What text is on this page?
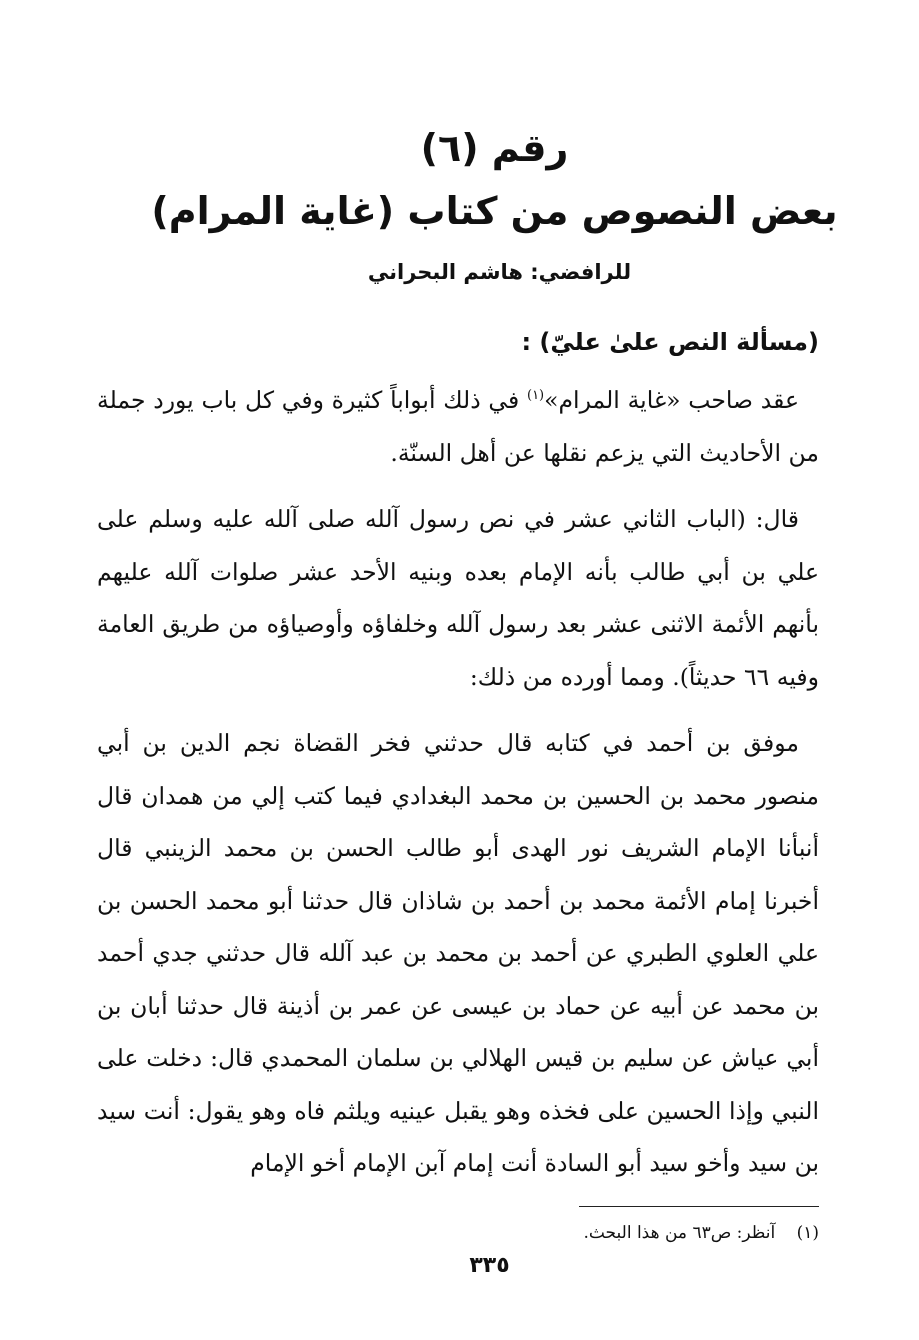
رقم (٦)
بعض النصوص من كتاب (غاية المرام)
للرافضي: هاشم البحراني
(مسألة النص علىٰ عليّ) :

عقد صاحب «غاية المرام»$^{(١)}$ في ذلك أبواباً كثيرة وفي كل باب يورد جملة من الأحاديث التي يزعم نقلها عن أهل السنّة.

قال: (الباب الثاني عشر في نص رسول آلله صلى آلله عليه وسلم على علي بن أبي طالب بأنه الإمام بعده وبنيه الأحد عشر صلوات آلله عليهم بأنهم الأئمة الاثنى عشر بعد رسول آلله وخلفاؤه وأوصياؤه من طريق العامة وفيه ٦٦ حديثاً). ومما أورده من ذلك:

موفق بن أحمد في كتابه قال حدثني فخر القضاة نجم الدين بن أبي منصور محمد بن الحسين بن محمد البغدادي فيما كتب إلي من همدان قال أنبأنا الإمام الشريف نور الهدى أبو طالب الحسن بن محمد الزينبي قال أخبرنا إمام الأئمة محمد بن أحمد بن شاذان قال حدثنا أبو محمد الحسن بن علي العلوي الطبري عن أحمد بن محمد بن عبد آلله قال حدثني جدي أحمد بن محمد عن أبيه عن حماد بن عيسى عن عمر بن أذينة قال حدثنا أبان بن أبي عياش عن سليم بن قيس الهلالي بن سلمان المحمدي قال: دخلت على النبي وإذا الحسين على فخذه وهو يقبل عينيه ويلثم فاه وهو يقول: أنت سيد بن سيد وأخو سيد أبو السادة أنت إمام آبن الإمام أخو الإمام

(١) آنظر: ص٦٣ من هذا البحث.
٣٣٥
